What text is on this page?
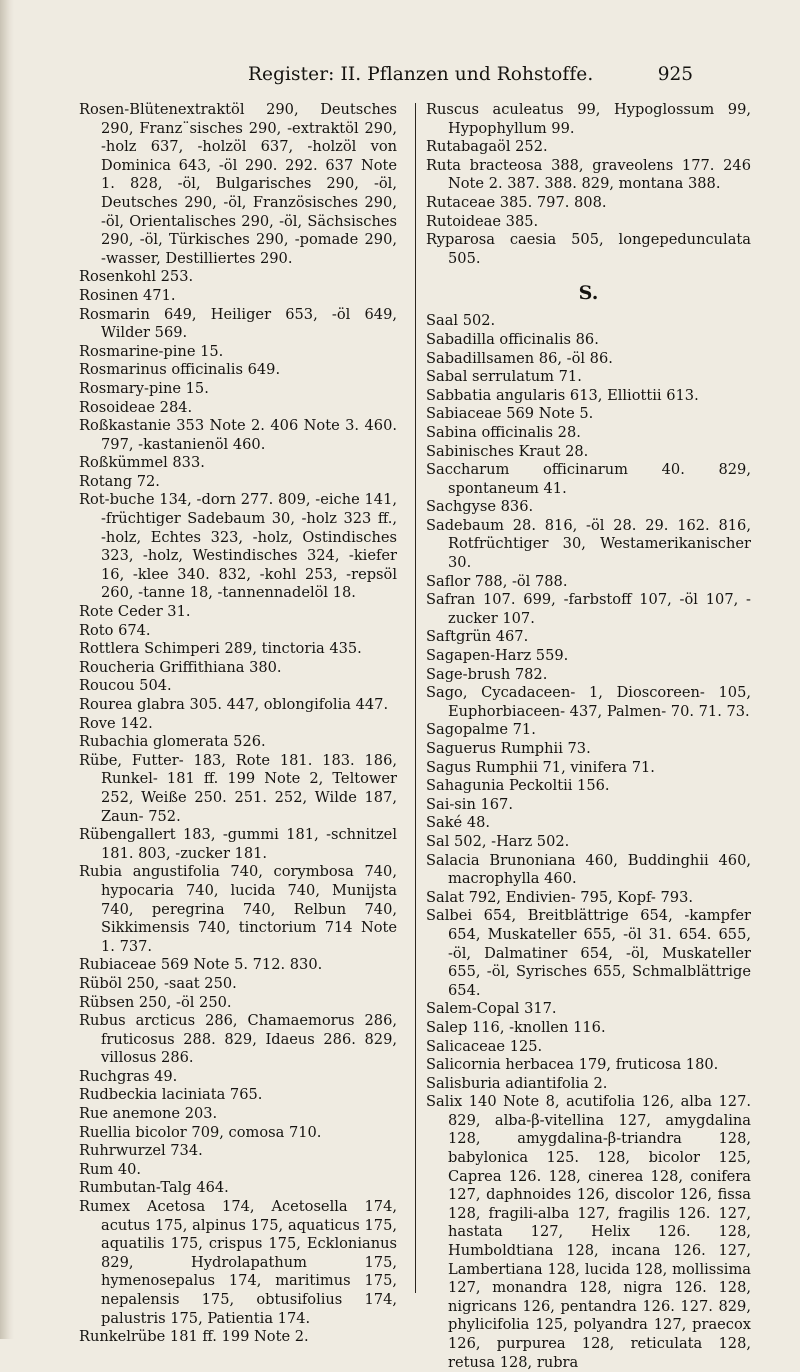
Register: II. Pflanzen und Rohstoffe.	925

Rosen-Blütenextraktöl 290, Deutsches 290, Franz¨sisches 290, -extraktöl 290, -holz 637, -holzöl 637, -holzöl von Dominica 643, -öl 290. 292. 637 Note 1. 828, -öl, Bulgarisches 290, -öl, Deutsches 290, -öl, Französisches 290, -öl, Orientalisches 290, -öl, Sächsisches 290, -öl, Türkisches 290, -pomade 290, -wasser, Destilliertes 290.

Rosenkohl 253.

Rosinen 471.

Rosmarin 649, Heiliger 653, -öl 649, Wilder 569.

Rosmarine-pine 15.

Rosmarinus officinalis 649.

Rosmary-pine 15.

Rosoideae 284.

Roßkastanie 353 Note 2. 406 Note 3. 460. 797, -kastanienöl 460.

Roßkümmel 833.

Rotang 72.

Rot-buche 134, -dorn 277. 809, -eiche 141, -früchtiger Sadebaum 30, -holz 323 ff., -holz, Echtes 323, -holz, Ostindisches 323, -holz, Westindisches 324, -kiefer 16, -klee 340. 832, -kohl 253, -repsöl 260, -tanne 18, -tannennadelöl 18.

Rote Ceder 31.

Roto 674.

Rottlera Schimperi 289, tinctoria 435.

Roucheria Griffithiana 380.

Roucou 504.

Rourea glabra 305. 447, oblongifolia 447.

Rove 142.

Rubachia glomerata 526.

Rübe, Futter- 183, Rote 181. 183. 186, Runkel- 181 ff. 199 Note 2, Teltower 252, Weiße 250. 251. 252, Wilde 187, Zaun- 752.

Rübengallert 183, -gummi 181, -schnitzel 181. 803, -zucker 181.

Rubia angustifolia 740, corymbosa 740, hypocaria 740, lucida 740, Munijsta 740, peregrina 740, Relbun 740, Sikkimensis 740, tinctorium 714 Note 1. 737.

Rubiaceae 569 Note 5. 712. 830.

Rüböl 250, -saat 250.

Rübsen 250, -öl 250.

Rubus arcticus 286, Chamaemorus 286, fruticosus 288. 829, Idaeus 286. 829, villosus 286.

Ruchgras 49.

Rudbeckia laciniata 765.

Rue anemone 203.

Ruellia bicolor 709, comosa 710.

Ruhrwurzel 734.

Rum 40.

Rumbutan-Talg 464.

Rumex Acetosa 174, Acetosella 174, acutus 175, alpinus 175, aquaticus 175, aquatilis 175, crispus 175, Ecklonianus 829, Hydrolapathum 175, hymenosepalus 174, maritimus 175, nepalensis 175, obtusifolius 174, palustris 175, Patientia 174.

Runkelrübe 181 ff. 199 Note 2.

Ruscus aculeatus 99, Hypoglossum 99, Hypophyllum 99.

Rutabagaöl 252.

Ruta bracteosa 388, graveolens 177. 246 Note 2. 387. 388. 829, montana 388.

Rutaceae 385. 797. 808.

Rutoideae 385.

Ryparosa caesia 505, longepedunculata 505.

S.

Saal 502.

Sabadilla officinalis 86.

Sabadillsamen 86, -öl 86.

Sabal serrulatum 71.

Sabbatia angularis 613, Elliottii 613.

Sabiaceae 569 Note 5.

Sabina officinalis 28.

Sabinisches Kraut 28.

Saccharum officinarum 40. 829, spontaneum 41.

Sachgyse 836.

Sadebaum 28. 816, -öl 28. 29. 162. 816, Rotfrüchtiger 30, Westamerikanischer 30.

Saflor 788, -öl 788.

Safran 107. 699, -farbstoff 107, -öl 107, -zucker 107.

Saftgrün 467.

Sagapen-Harz 559.

Sage-brush 782.

Sago, Cycadaceen- 1, Dioscoreen- 105, Euphorbiaceen- 437, Palmen- 70. 71. 73.

Sagopalme 71.

Saguerus Rumphii 73.

Sagus Rumphii 71, vinifera 71.

Sahagunia Peckoltii 156.

Sai-sin 167.

Saké 48.

Sal 502, -Harz 502.

Salacia Brunoniana 460, Buddinghii 460, macrophylla 460.

Salat 792, Endivien- 795, Kopf- 793.

Salbei 654, Breitblättrige 654, -kampfer 654, Muskateller 655, -öl 31. 654. 655, -öl, Dalmatiner 654, -öl, Muskateller 655, -öl, Syrisches 655, Schmalblättrige 654.

Salem-Copal 317.

Salep 116, -knollen 116.

Salicaceae 125.

Salicornia herbacea 179, fruticosa 180.

Salisburia adiantifolia 2.

Salix 140 Note 8, acutifolia 126, alba 127. 829, alba-β-vitellina 127, amygdalina 128, amygdalina-β-triandra 128, babylonica 125. 128, bicolor 125, Caprea 126. 128, cinerea 128, conifera 127, daphnoides 126, discolor 126, fissa 128, fragili-alba 127, fragilis 126. 127, hastata 127, Helix 126. 128, Humboldtiana 128, incana 126. 127, Lambertiana 128, lucida 128, mollissima 127, monandra 128, nigra 126. 128, nigricans 126, pentandra 126. 127. 829, phylicifolia 125, polyandra 127, praecox 126, purpurea 128, reticulata 128, retusa 128, rubra
